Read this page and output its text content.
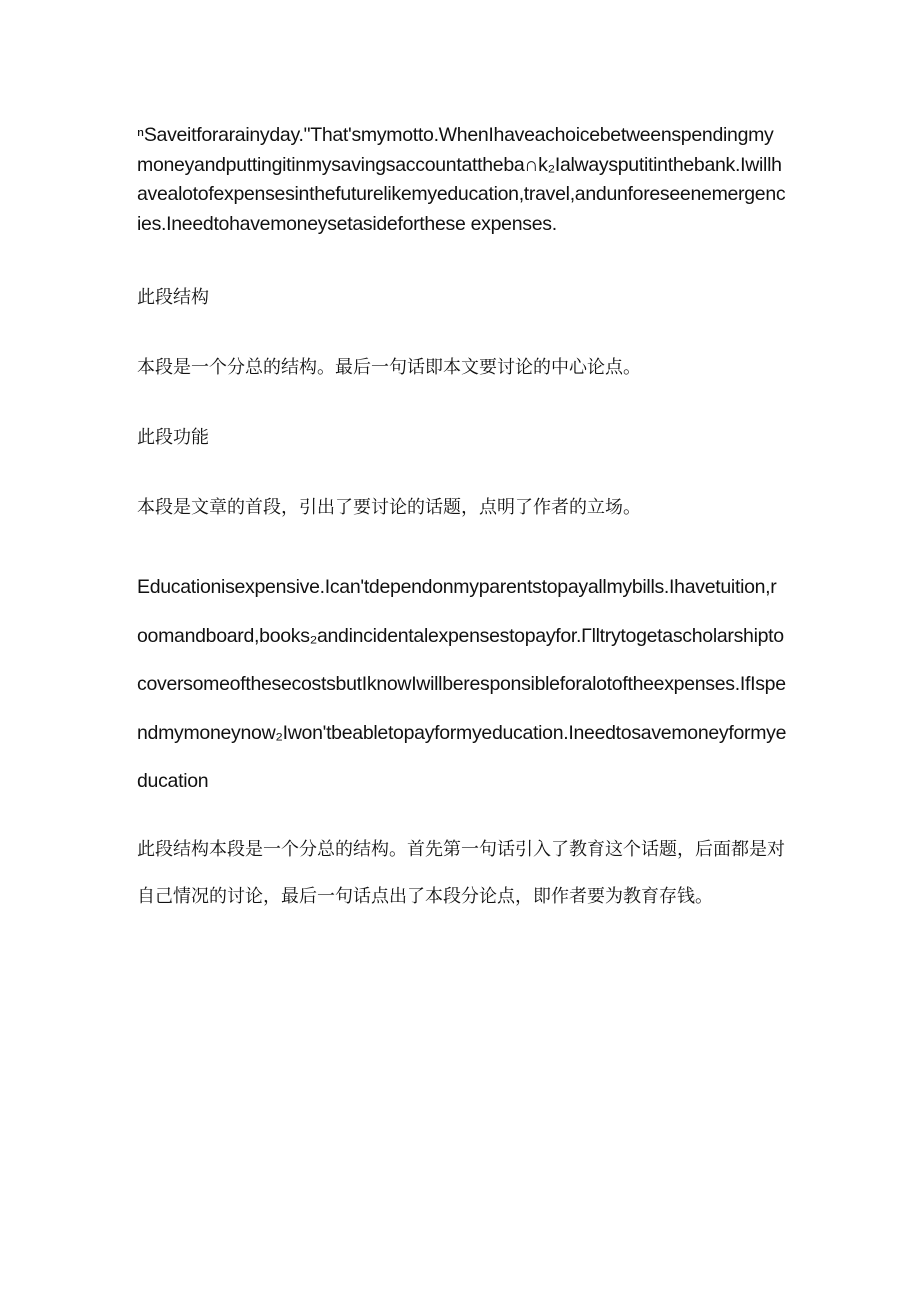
ⁿSaveitforarainyday."That'smymotto.WhenIhaveachoicebetweenspendingmymoneyandputtingitinmysavingsaccountattheba∩k₂Ialwaysputitinthebank.Iwillhavealotofexpensesinthefuturelikemyeducation,travel,andunforeseenemergencies.Ineedtohavemoneysetasideforthese expenses.

此段结构

本段是一个分总的结构。最后一句话即本文要讨论的中心论点。

此段功能

本段是文章的首段，引出了要讨论的话题，点明了作者的立场。

Educationisexpensive.Ican'tdependonmyparentstopayallmybills.Ihavetuition,roomandboard,books₂andincidentalexpensestopayfor.ΓlltrytogetascholarshiptocoversomeofthesecostsbutIknowIwillberesponsibleforalotoftheexpenses.IfIspendmymoneynow₂Iwon'tbeabletopayformyeducation.Ineedtosavemoneyformyeducation

此段结构本段是一个分总的结构。首先第一句话引入了教育这个话题，后面都是对自己情况的讨论，最后一句话点出了本段分论点，即作者要为教育存钱。
